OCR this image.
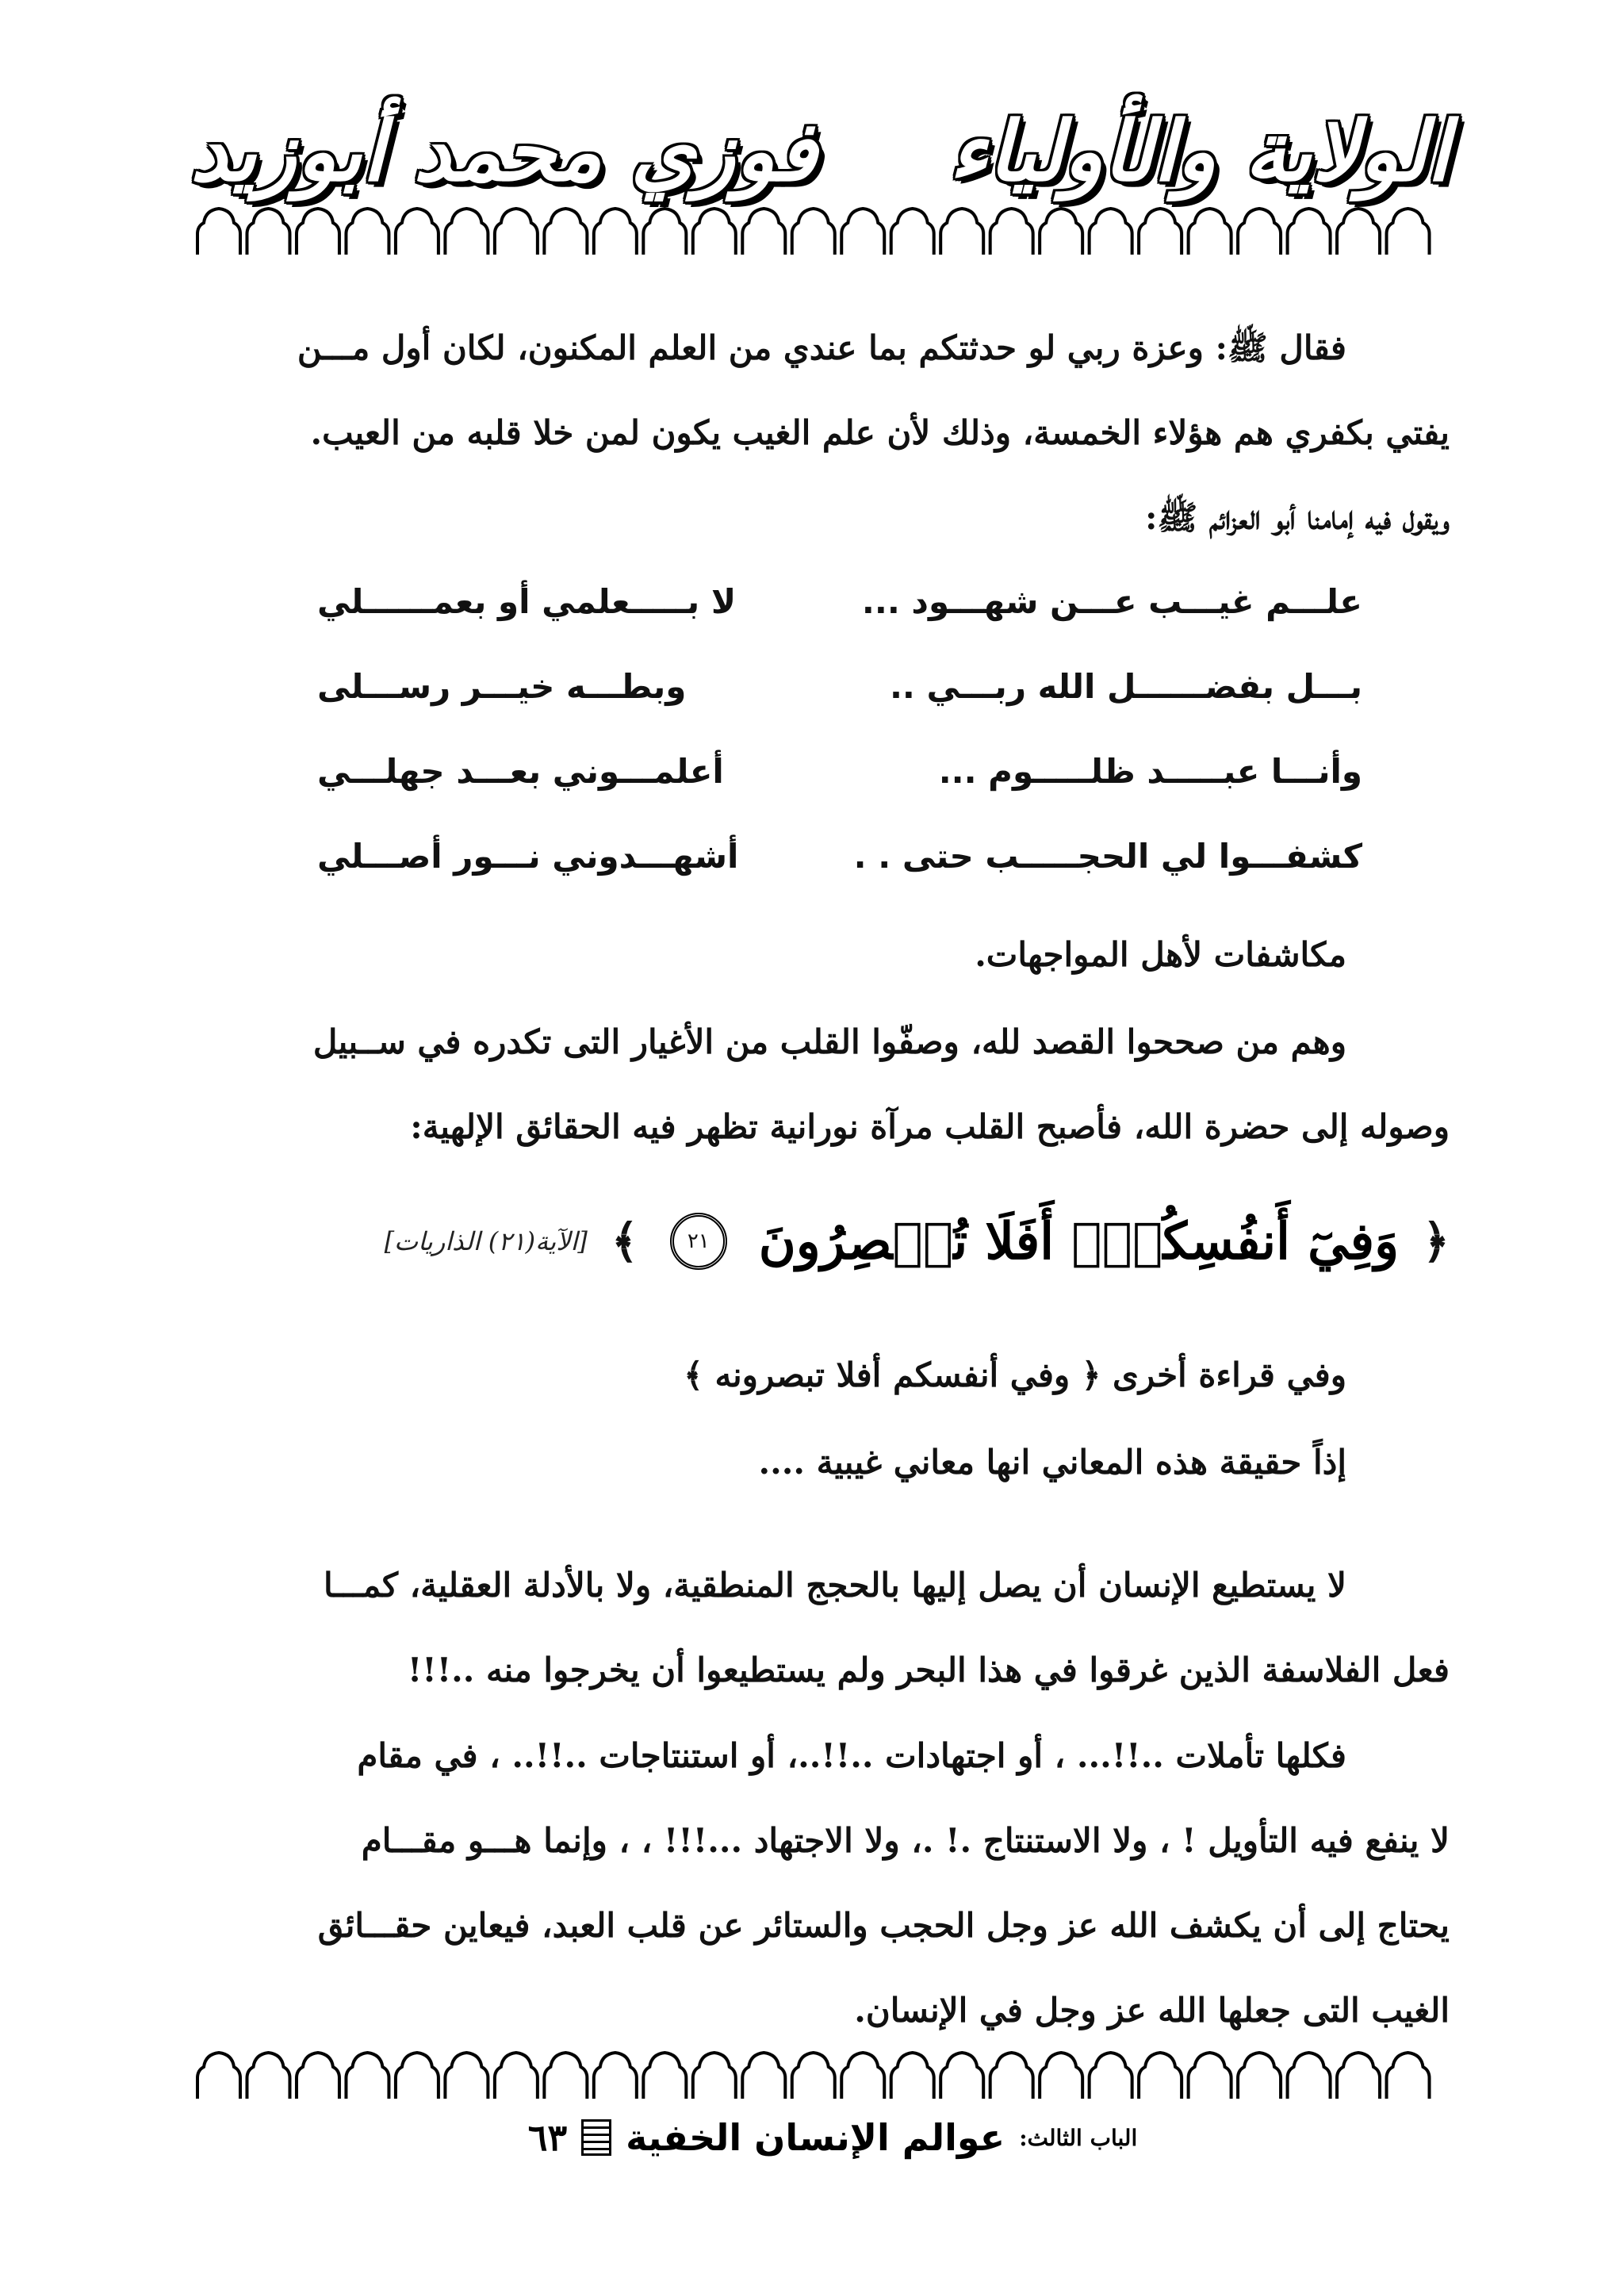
الولاية والأولياء
فوزي محمد أبوزيد

فقال ﷺ: وعزة ربي لو حدثتكم بما عندي من العلم المكنون، لكان أول مـــن

يفتي بكفري هم هؤلاء الخمسة، وذلك لأن علم الغيب يكون لمن خلا قلبه من العيب.

ويقول فيه إمامنا أبو العزائم ﷺ:

علـــم غيـــب عـــن شهـــود ...
لا بـــــعلمي أو بعمــــــلي
بـــل بفضــــــل الله ربـــي ..
وبطـــه خيـــر رســـلى
وأنـــا عبـــــد ظلـــــوم ...
أعلمـــوني بعـــد جهلـــي
كشفـــوا لي الحجـــــب حتى . .
أشهـــدوني نـــور أصـــلي

مكاشفات لأهل المواجهات.

وهم من صححوا القصد لله، وصفّوا القلب من الأغيار التى تكدره في ســبيل

وصوله إلى حضرة الله، فأصبح القلب مرآة نورانية تظهر فيه الحقائق الإلهية:

﴿
وَفِيٓ أَنفُسِكُمۡۚ أَفَلَا تُبۡصِرُونَ
٢١
﴾
[الآية(٢١) الذاريات]

وفي قراءة أخرى ﴿ وفي أنفسكم أفلا تبصرونه ﴾

إذاً حقيقة هذه المعاني انها معاني غيبية ....

لا يستطيع الإنسان أن يصل إليها بالحجج المنطقية، ولا بالأدلة العقلية، كمـــا

فعل الفلاسفة الذين غرقوا في هذا البحر ولم يستطيعوا أن يخرجوا منه ..!!!

فكلها تأملات ..!!... ، أو اجتهادات ..!!..، أو استنتاجات ..!!.. ، في مقام

لا ينفع فيه التأويل ! ، ولا الاستنتاج .! .، ولا الاجتهاد ...!!! ، ، وإنما هـــو مقـــام

يحتاج إلى أن يكشف الله عز وجل الحجب والستائر عن قلب العبد، فيعاين حقـــائق

الغيب التى جعلها الله عز وجل في الإنسان.

الباب الثالث:
عوالم الإنسان الخفية
٦٣
